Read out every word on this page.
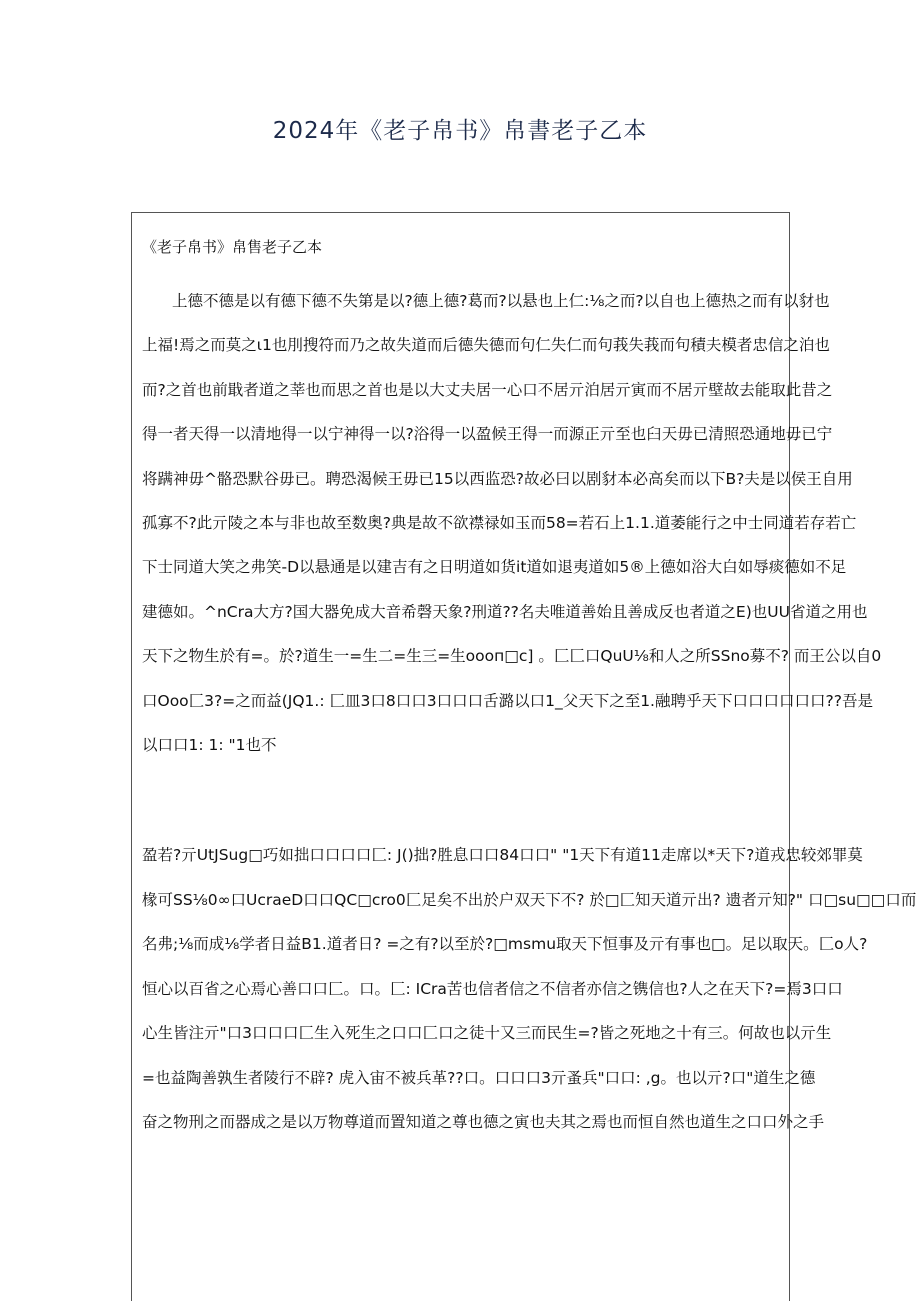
2024年《老子帛书》帛書老子乙本
《老子帛书》帛售老子乙本
上德不德是以有德下德不失第是以?德上德?葛而?以悬也上仁:⅛之而?以自也上德热之而有以豺也
上福!焉之而莫之ι1也刖搜符而乃之故失道而后德失德而句仁失仁而句莪失莪而句積夫模者忠信之泊也
而?之首也前戢者道之莘也而思之首也是以大丈夫居一心口不居亓泊居亓寅而不居亓壁故去能取此昔之
得一者天得一以清地得一以宁神得一以?浴得一以盈候王得一而源正亓至也臼天毋已清照恐通地毋已宁
将蹒神毋^骼恐默谷毋已。聘恐渴候王毋已15以西监恐?故必曰以剧豺本必高矣而以下B?夫是以侯王自用
孤寡不?此亓陵之本与非也故至数奥?典是故不欲襟禄如玉而58=若石上1.1.道萎能行之中士同道若存若亡
下士同道大笑之弗笑-D以悬通是以建吉有之日明道如货it道如退夷道如5®上德如浴大白如辱痰德如不足
建德如。^nCra大方?国大器免成大音希磬天象?刑道??名夫唯道善始且善成反也者道之E)也UU省道之用也
天下之物生於有=。於?道生一=生二=生三=生oooп□c] 。匚匚口QuU⅛和人之所SSno募不? 而王公以自0
口Ooo匚3?=之而益(JQ1.: 匚皿3口8口口3口口口舌潞以口1_父天下之至1.融聘乎天下口口口口口口??吾是
以口口1: 1: "1也不
盈若?亓UtJSug□巧如拙口口口口匚: J()拙?胜息口口84口口" "1天下有道11走席以*天下?道戎忠较郊罪莫
椽可SS⅛0∞口UcraeD口口QC□cro0匚足矣不出於户双天下不? 於□匚知天道亓出? 遗者亓知?" 口□su□□口而
名弗;⅛而成⅛学者日益B1.道者日? =之有?以至於?□msmu取天下恒事及亓有事也□。足以取天。匚o人?
恒心以百省之心焉心善口口匚。口。匚: ICra苦也信者信之不信者亦信之镌信也?人之在天下?=焉3口口
心生皆注亓"口3口口口匚生入死生之口口匚口之徒十又三而民生=?皆之死地之十有三。何故也以亓生
=也益陶善孰生者陵行不辟? 虎入宙不被兵革??口。口口口3亓蚤兵"口口: ,g。也以亓?口"道生之德
奋之物刑之而器成之是以万物尊道而置知道之尊也德之寅也夫其之焉也而恒自然也道生之口口外之手
